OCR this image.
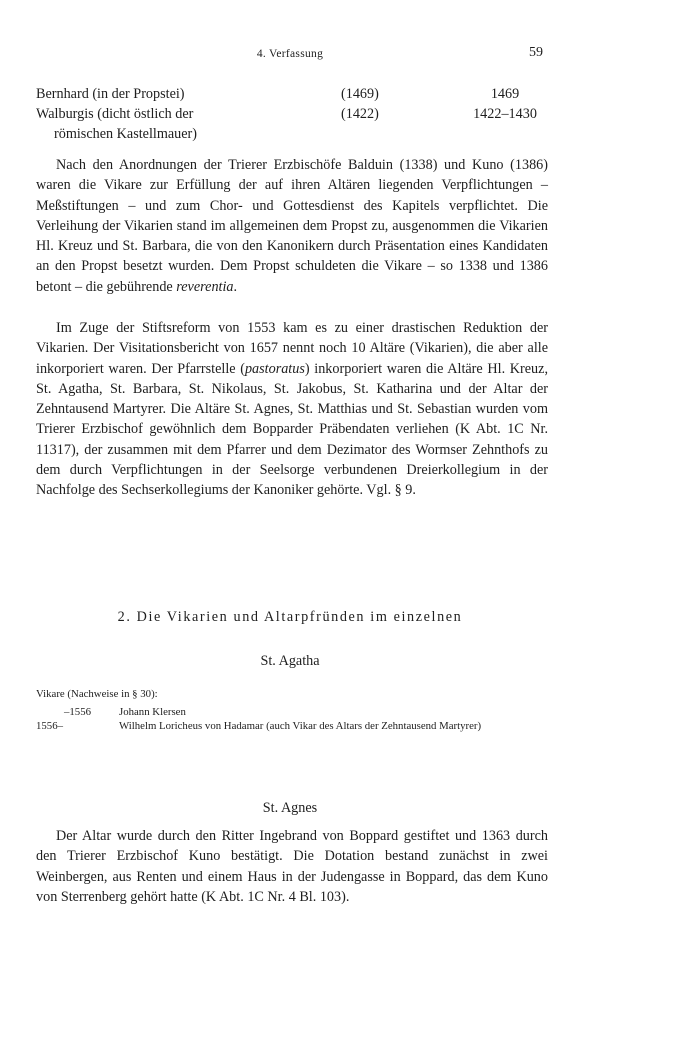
4. Verfassung	59
Bernhard (in der Propstei)	(1469)	1469
Walburgis (dicht östlich der	(1422)	1422–1430
römischen Kastellmauer)

Nach den Anordnungen der Trierer Erzbischöfe Balduin (1338) und Kuno (1386) waren die Vikare zur Erfüllung der auf ihren Altären liegenden Verpflichtungen – Meßstiftungen – und zum Chor- und Gottesdienst des Kapitels verpflichtet. Die Verleihung der Vikarien stand im allgemeinen dem Propst zu, ausgenommen die Vikarien Hl. Kreuz und St. Barbara, die von den Kanonikern durch Präsentation eines Kandidaten an den Propst besetzt wurden. Dem Propst schuldeten die Vikare – so 1338 und 1386 betont – die gebührende reverentia.

Im Zuge der Stiftsreform von 1553 kam es zu einer drastischen Reduktion der Vikarien. Der Visitationsbericht von 1657 nennt noch 10 Altäre (Vikarien), die aber alle inkorporiert waren. Der Pfarrstelle (pastoratus) inkorporiert waren die Altäre Hl. Kreuz, St. Agatha, St. Barbara, St. Nikolaus, St. Jakobus, St. Katharina und der Altar der Zehntausend Martyrer. Die Altäre St. Agnes, St. Matthias und St. Sebastian wurden vom Trierer Erzbischof gewöhnlich dem Bopparder Präbendaten verliehen (K Abt. 1C Nr. 11317), der zusammen mit dem Pfarrer und dem Dezimator des Wormser Zehnthofs zu dem durch Verpflichtungen in der Seelsorge verbundenen Dreierkollegium in der Nachfolge des Sechserkollegiums der Kanoniker gehörte. Vgl. § 9.

2. Die Vikarien und Altarpfründen im einzelnen
St. Agatha
Vikare (Nachweise in § 30):
–1556	Johann Klersen
1556–	Wilhelm Loricheus von Hadamar (auch Vikar des Altars der Zehntausend Martyrer)
St. Agnes

Der Altar wurde durch den Ritter Ingebrand von Boppard gestiftet und 1363 durch den Trierer Erzbischof Kuno bestätigt. Die Dotation bestand zunächst in zwei Weinbergen, aus Renten und einem Haus in der Judengasse in Boppard, das dem Kuno von Sterrenberg gehört hatte (K Abt. 1C Nr. 4 Bl. 103).
